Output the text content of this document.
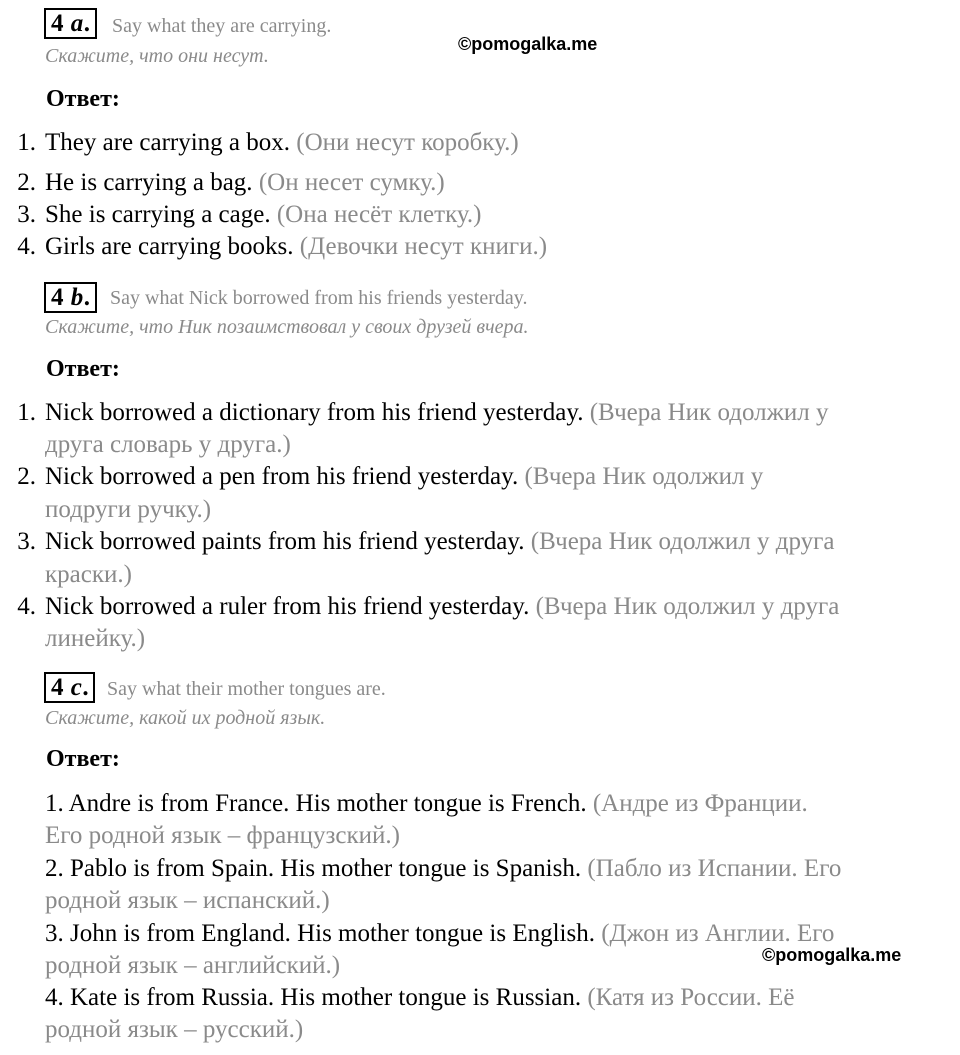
©pomogalka.me
4 a.	Say what they are carrying.
Скажите, что они несут.
Ответ:
1. They are carrying a box. (Они несут коробку.)
2. He is carrying a bag. (Он несет сумку.)
3. She is carrying a cage. (Она несёт клетку.)
4. Girls are carrying books. (Девочки несут книги.)
4 b. Say what Nick borrowed from his friends yesterday.
Скажите, что Ник позаимствовал у своих друзей вчера.
Ответ:
1. Nick borrowed a dictionary from his friend yesterday. (Вчера Ник одолжил у
друга словарь у друга.)
2. Nick borrowed a pen from his friend yesterday. (Вчера Ник одолжил у
подруги ручку.)
3. Nick borrowed paints from his friend yesterday. (Вчера Ник одолжил у друга
краски.)
4. Nick borrowed a ruler from his friend yesterday. (Вчера Ник одолжил у друга
линейку.)
4 c. Say what their mother tongues are.
Скажите, какой их родной язык.
Ответ:
1. Andre is from France. His mother tongue is French. (Андре из Франции.
Его родной язык – французский.)
2. Pablo is from Spain. His mother tongue is Spanish. (Пабло из Испании. Его
родной язык – испанский.)
3. John is from England. His mother tongue is English. (Джон из Англии. Его
родной язык – английский.)
4. Kate is from Russia. His mother tongue is Russian. (Катя из России. Её
родной язык – русский.)
©pomogalka.me
